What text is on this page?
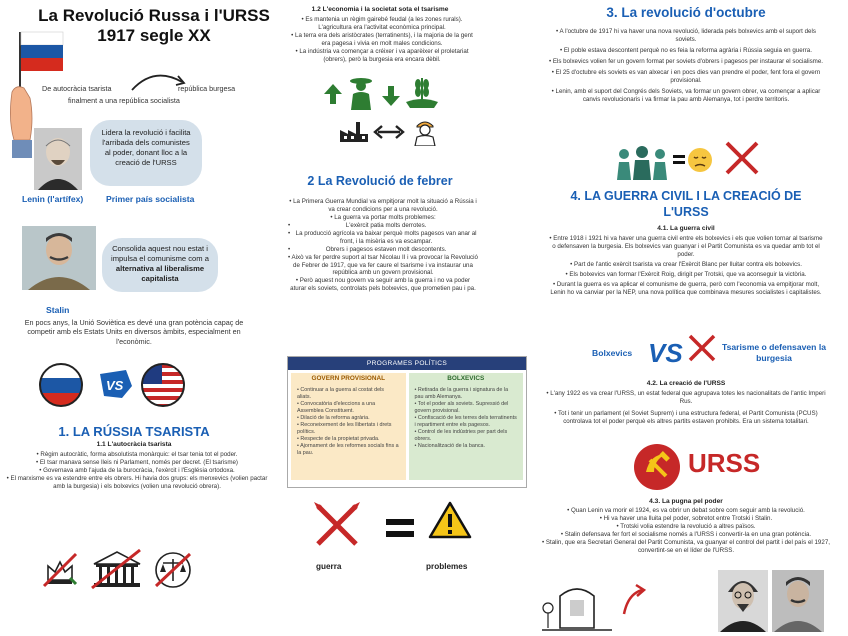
La Revolució Russa i l'URSS
1917 segle XX
De autocràcia tsarista	república burgesa
finalment a una república socialista
Lidera la revolució i facilita l'arribada dels comunistes al poder, donant lloc a la creació de l'URSS
Lenin (l'artífex)	Primer país socialista
Consolida aquest nou estat i impulsa el comunisme com a alternativa al liberalisme capitalista
Stalin
En pocs anys, la Unió Soviètica es devé una gran potència capaç de competir amb els Estats Units en diversos àmbits, especialment en l'econòmic.
VS
1. LA RÚSSIA TSARISTA
1.1 L'autocràcia tsarista
• Règim autocràtic, forma absolutista monàrquic: el tsar tenia tot el poder.
• El tsar manava sense lleis ni Parlament, només per decret. (El tsarisme)
• Governava amb l'ajuda de la burocràcia, l'exèrcit i l'Església ortodoxa.
• El marxisme es va estendre entre els obrers. Hi havia dos grups: els menxevics (volien pactar amb la burgesia) i els bolxevics (volien una revolució obrera).
1.2 L'economia i la societat sota el tsarisme
• Es mantenia un règim gairebé feudal (a les zones rurals). L'agricultura era l'activitat econòmica principal.
• La terra era dels aristòcrates (terratinents), i la majoria de la gent era pagesa i vivia en molt males condicions.
• La indústria va començar a créixer i va aparèixer el proletariat (obrers), però la burgesia era encara dèbil.
2 La Revolució de febrer
• La Primera Guerra Mundial va empitjorar molt la situació a Rússia i va crear condicions per a una revolució.
• La guerra va portar molts problemes:
•	L'exèrcit patia molts derrotes.
• La producció agrícola va baixar perquè molts pagesos van anar al front, i la misèria es va escampar.
•	Obrers i pagesos estaven molt descontents.
• Això va fer perdre suport al tsar Nicolau II i va provocar la Revolució de Febrer de 1917, que va fer caure el tsarisme i va instaurar una república amb un govern provisional.
• Però aquest nou govern va seguir amb la guerra i no va poder aturar els soviets, controlats pels bolxevics, que prometien pau i pa.
PROGRAMES POLÍTICS
GOVERN PROVISIONAL
• Continuar a la guerra al costat dels aliats.
• Convocatòria d'eleccions a una Assemblea Constituent.
• Dilació de la reforma agrària.
• Reconeixement de les llibertats i drets polítics.
• Respecte de la propietat privada.
• Ajornament de les reformes socials fins a la pau.
BOLXEVICS
• Retirada de la guerra i signatura de la pau amb Alemanya.
• Tot el poder als soviets. Supressió del govern provisional.
• Confiscació de les terres dels terratinents i repartiment entre els pagesos.
• Control de les indústries per part dels obrers.
• Nacionalització de la banca.
guerra	problemes
3. La revolució d'octubre
• A l'octubre de 1917 hi va haver una nova revolució, liderada pels bolxevics amb el suport dels soviets.
• El poble estava descontent perquè no es feia la reforma agrària i Rússia seguia en guerra.
• Els bolxevics volien fer un govern format per soviets d'obrers i pagesos per instaurar el socialisme.
• El 25 d'octubre els soviets es van alxecar i en pocs dies van prendre el poder, fent fora el govern provisional.
• Lenin, amb el suport del Congrés dels Soviets, va formar un govern obrer, va començar a aplicar canvis revolucionaris i va firmar la pau amb Alemanya, tot i perdre territoris.
4. LA GUERRA CIVIL I LA CREACIÓ DE
L'URSS
4.1. La guerra civil
• Entre 1918 i 1921 hi va haver una guerra civil entre els bolxevics i els que volien tornar al tsarisme o defensaven la burgesia. Els bolxevics van guanyar i el Partit Comunista es va quedar amb tot el poder.
• Part de l'antic exèrcit tsarista va crear l'Exèrcit Blanc per lluitar contra els bolxevics.
• Els bolxevics van formar l'Exèrcit Roig, dirigit per Trotski, que va aconseguir la victòria.
• Durant la guerra es va aplicar el comunisme de guerra, però com l'economia va empitjorar molt, Lenin ho va canviar per la NEP, una nova política que combinava mesures socialistes i capitalistes.
Bolxevics VS	Tsarisme o defensaven la burgesia
4.2. La creació de l'URSS
• L'any 1922 es va crear l'URSS, un estat federal que agrupava totes les nacionalitats de l'antic Imperi Rus.
• Tot i tenir un parlament (el Soviet Suprem) i una estructura federal, el Partit Comunista (PCUS) controlava tot el poder perquè els altres partits estaven prohibits. Era un sistema totalitari.
URSS
4.3. La pugna pel poder
• Quan Lenin va morir el 1924, es va obrir un debat sobre com seguir amb la revolució.
• Hi va haver una lluita pel poder, sobretot entre Trotski i Stalin.
• Trotski volia estendre la revolució a altres països.
• Stalin defensava fer fort el socialisme només a l'URSS i convertir-la en una gran potència.
• Stalin, que era Secretari General del Partit Comunista, va guanyar el control del partit i del país el 1927, convertint-se en el líder de l'URSS.
